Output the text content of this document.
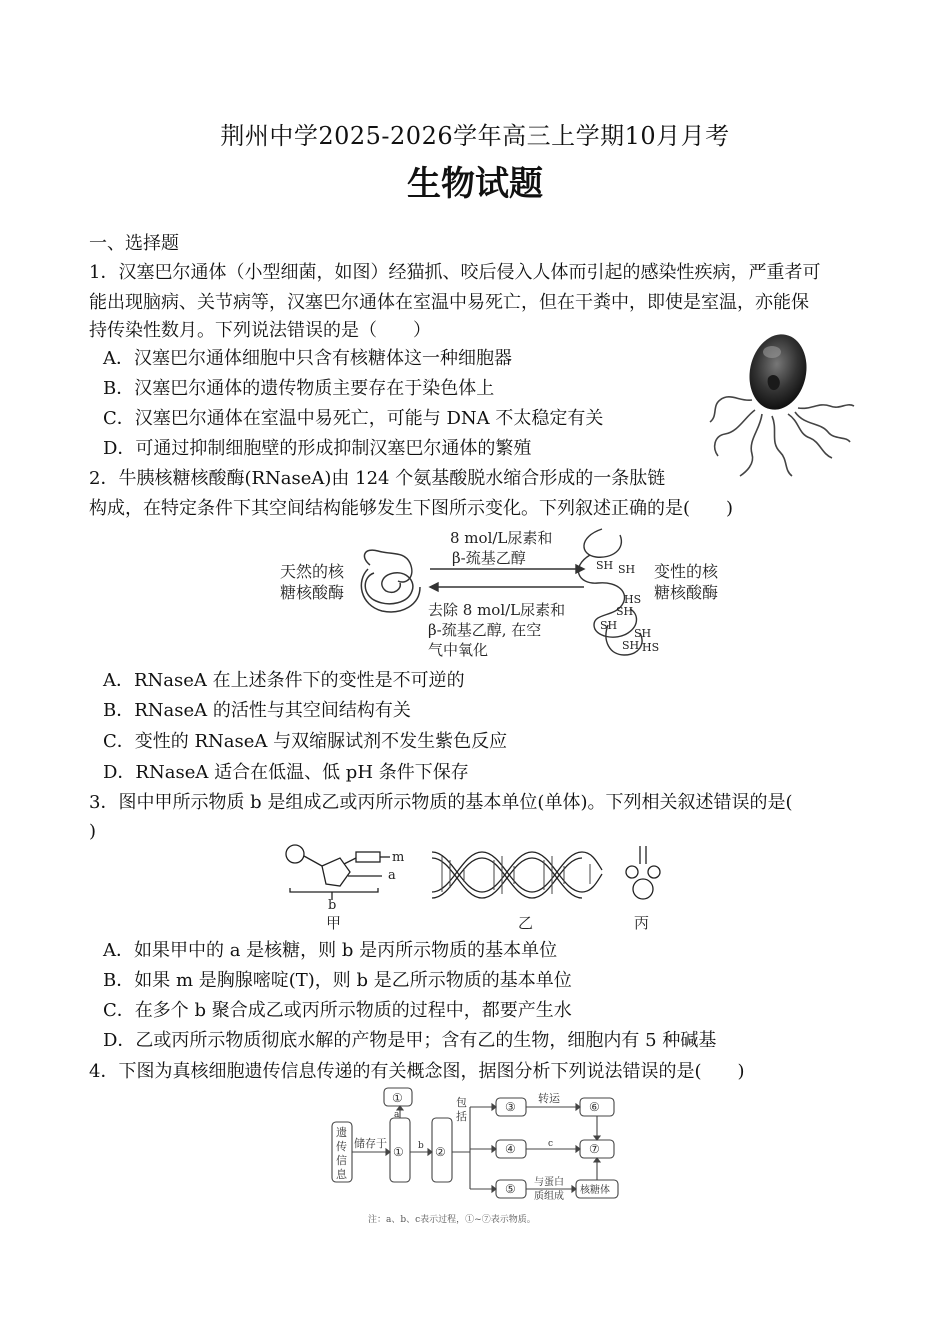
荆州中学2025-2026学年高三上学期10月月考
生物试题
一、选择题
1．汉塞巴尔通体（小型细菌，如图）经猫抓、咬后侵入人体而引起的感染性疾病，严重者可
能出现脑病、关节病等，汉塞巴尔通体在室温中易死亡，但在干粪中，即使是室温，亦能保
持传染性数月。下列说法错误的是（　　）
A．汉塞巴尔通体细胞中只含有核糖体这一种细胞器
B．汉塞巴尔通体的遗传物质主要存在于染色体上
C．汉塞巴尔通体在室温中易死亡，可能与 DNA 不太稳定有关
D．可通过抑制细胞壁的形成抑制汉塞巴尔通体的繁殖
2．牛胰核糖核酸酶(RNaseA)由 124 个氨基酸脱水缩合形成的一条肽链
构成，在特定条件下其空间结构能够发生下图所示变化。下列叙述正确的是(　　)
天然的核
糖核酸酶
8 mol/L尿素和
β-巯基乙醇
去除 8 mol/L尿素和
β-巯基乙醇, 在空
气中氧化
变性的核
糖核酸酶
SH SH
HS
SH
SH
SH
SH HS
A．RNaseA 在上述条件下的变性是不可逆的
B．RNaseA 的活性与其空间结构有关
C．变性的 RNaseA 与双缩脲试剂不发生紫色反应
D．RNaseA 适合在低温、低 pH 条件下保存
3．图中甲所示物质 b 是组成乙或丙所示物质的基本单位(单体)。下列相关叙述错误的是(
)
m
a
b
甲	乙	丙
A．如果甲中的 a 是核糖，则 b 是丙所示物质的基本单位
B．如果 m 是胸腺嘧啶(T)，则 b 是乙所示物质的基本单位
C．在多个 b 聚合成乙或丙所示物质的过程中，都要产生水
D．乙或丙所示物质彻底水解的产物是甲；含有乙的生物，细胞内有 5 种碱基
4．下图为真核细胞遗传信息传递的有关概念图，据图分析下列说法错误的是(　　)
遗
传
信
息
储存于
①
①	②
a
b
包
括
③
④
⑤
⑥
⑦
转运
c
与蛋白
质组成
核糖体
注：a、b、c表示过程，①~⑦表示物质。
